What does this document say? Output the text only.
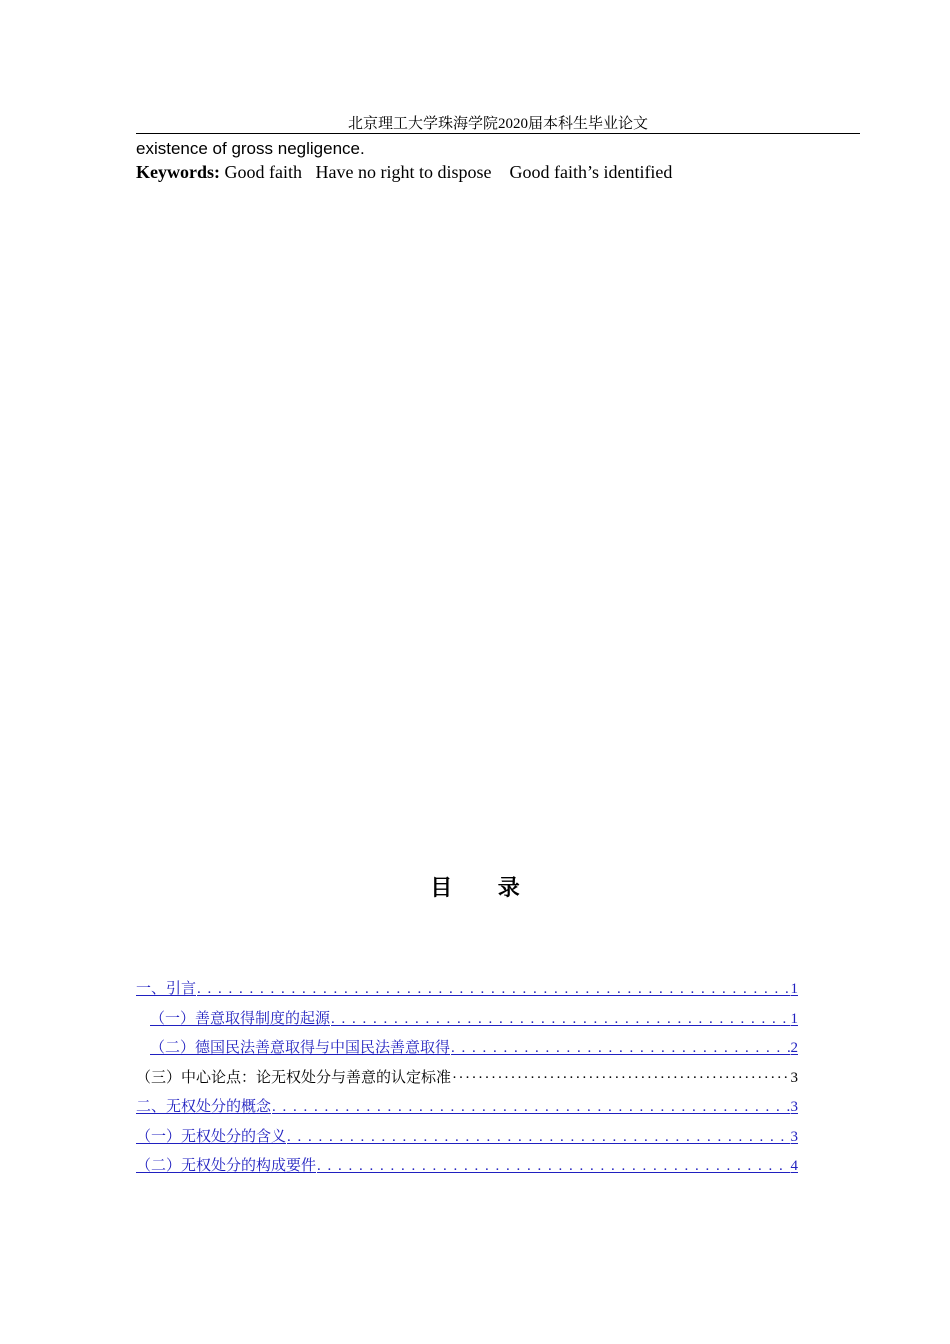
北京理工大学珠海学院2020届本科生毕业论文
existence of gross negligence.
Keywords: Good faith   Have no right to dispose    Good faith’s identified
目 录
一、引言 . . .	1
（一）善意取得制度的起源 . . .	1
（二）德国民法善意取得与中国民法善意取得 . . .	2
（三）中心论点：论无权处分与善意的认定标准 ·····	3
二、无权处分的概念 . . .	3
（一）无权处分的含义 . . .	3
（二）无权处分的构成要件 . . .	4
